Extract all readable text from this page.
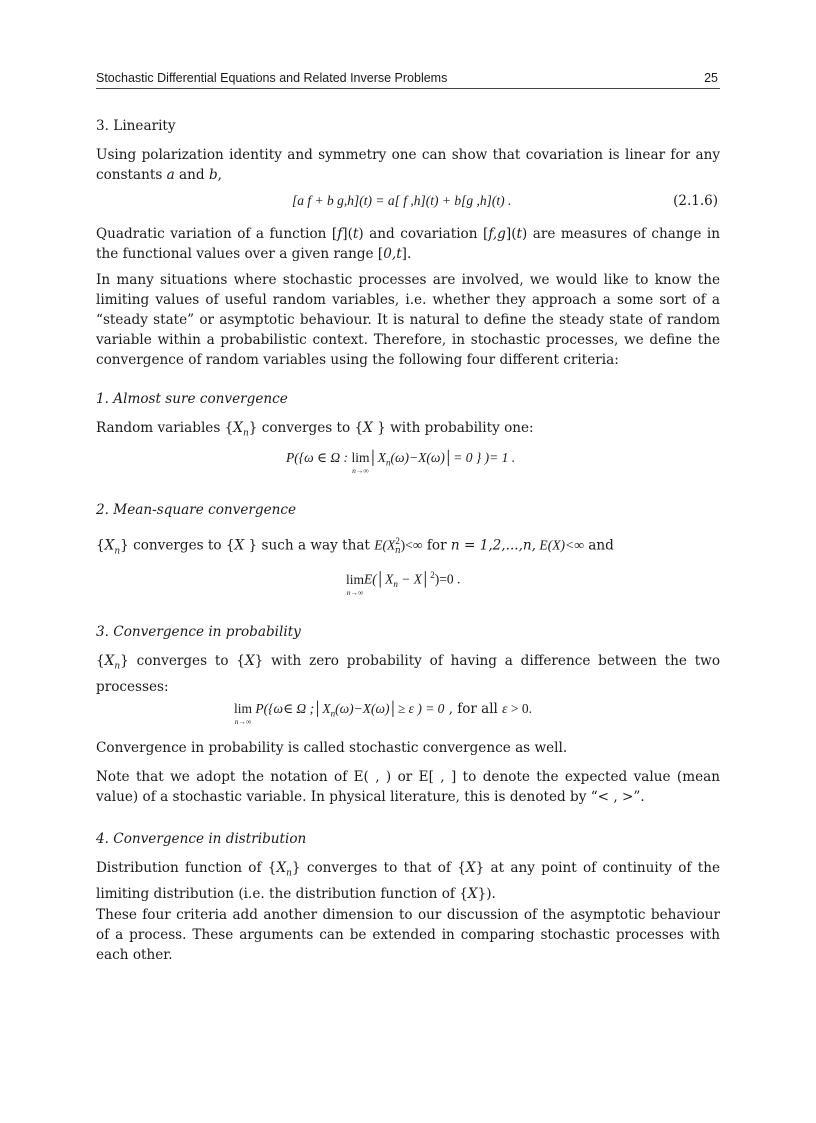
Stochastic Differential Equations and Related Inverse Problems	25

3. Linearity

Using polarization identity and symmetry one can show that covariation is linear for any constants a and b,

[a f + b g,h](t) = a[ f ,h](t) + b[g ,h](t) .	(2.1.6)

Quadratic variation of a function [f](t) and covariation [f,g](t) are measures of change in the functional values over a given range [0,t].

In many situations where stochastic processes are involved, we would like to know the limiting values of useful random variables, i.e. whether they approach a some sort of a “steady state” or asymptotic behaviour. It is natural to define the steady state of random variable within a probabilistic context. Therefore, in stochastic processes, we define the convergence of random variables using the following four different criteria:

1. Almost sure convergence

Random variables $\{X_n\}$ converges to {X } with probability one:

P({ω ∈ Ω : lim
n→∞
$│X_n(\omega)-X(\omega)│= 0$ } )= 1 .

2. Mean-square convergence

$\{X_n\}$ converges to {X } such a way that $E(X^2_n)<\infty$ for n = 1,2,...,n, E(X)<∞ and

lim
n→∞
$E(│X_n$ − X│$^2$)=0 .

3. Convergence in probability

$\{X_n\}$ converges to {X} with zero probability of having a difference between the two processes:

lim
n→∞
P({ω∈ Ω $;│X_n(\omega)-X(\omega)│\ge \varepsilon$ ) = 0 , for all ε > 0.

Convergence in probability is called stochastic convergence as well.

Note that we adopt the notation of E( , ) or E[ , ] to denote the expected value (mean value) of a stochastic variable. In physical literature, this is denoted by “< , >”.

4. Convergence in distribution

Distribution function of $\{X_n\}$ converges to that of {X} at any point of continuity of the limiting distribution (i.e. the distribution function of {X}).

These four criteria add another dimension to our discussion of the asymptotic behaviour of a process. These arguments can be extended in comparing stochastic processes with each other.
